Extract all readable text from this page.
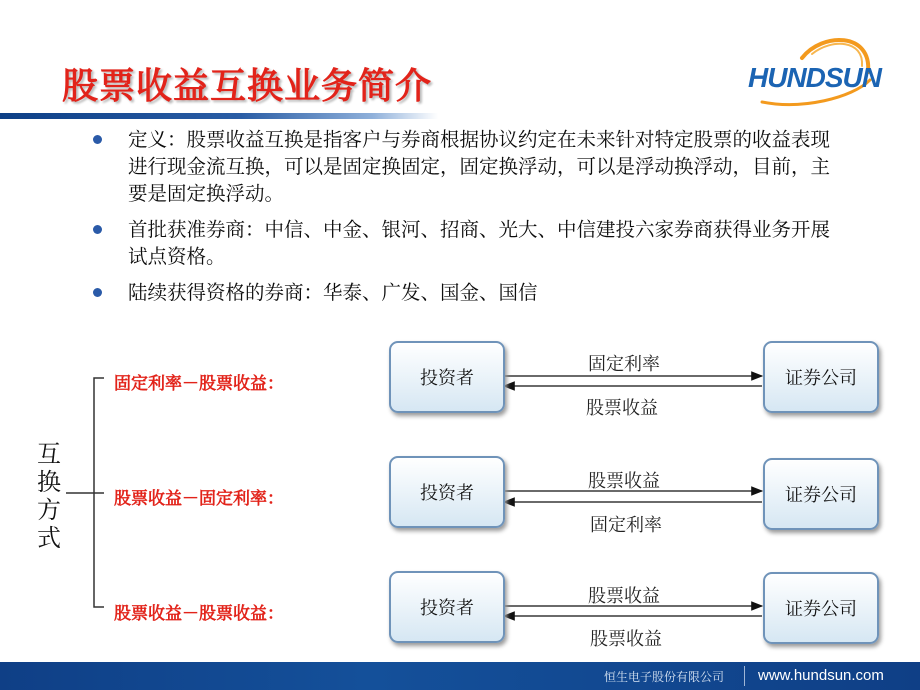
股票收益互换业务简介	HUNDSUN
定义：股票收益互换是指客户与券商根据协议约定在未来针对特定股票的收益表现进行现金流互换，可以是固定换固定，固定换浮动，可以是浮动换浮动，目前，主要是固定换浮动。
首批获准券商：中信、中金、银河、招商、光大、中信建投六家券商获得业务开展试点资格。
陆续获得资格的券商：华泰、广发、国金、国信
互换方式
固定利率－股票收益：	投资者	证券公司
固定利率
股票收益
股票收益－固定利率：	投资者	证券公司
股票收益
固定利率
股票收益－股票收益：	投资者	证券公司
股票收益
股票收益
恒生电子股份有限公司 www.hundsun.com
